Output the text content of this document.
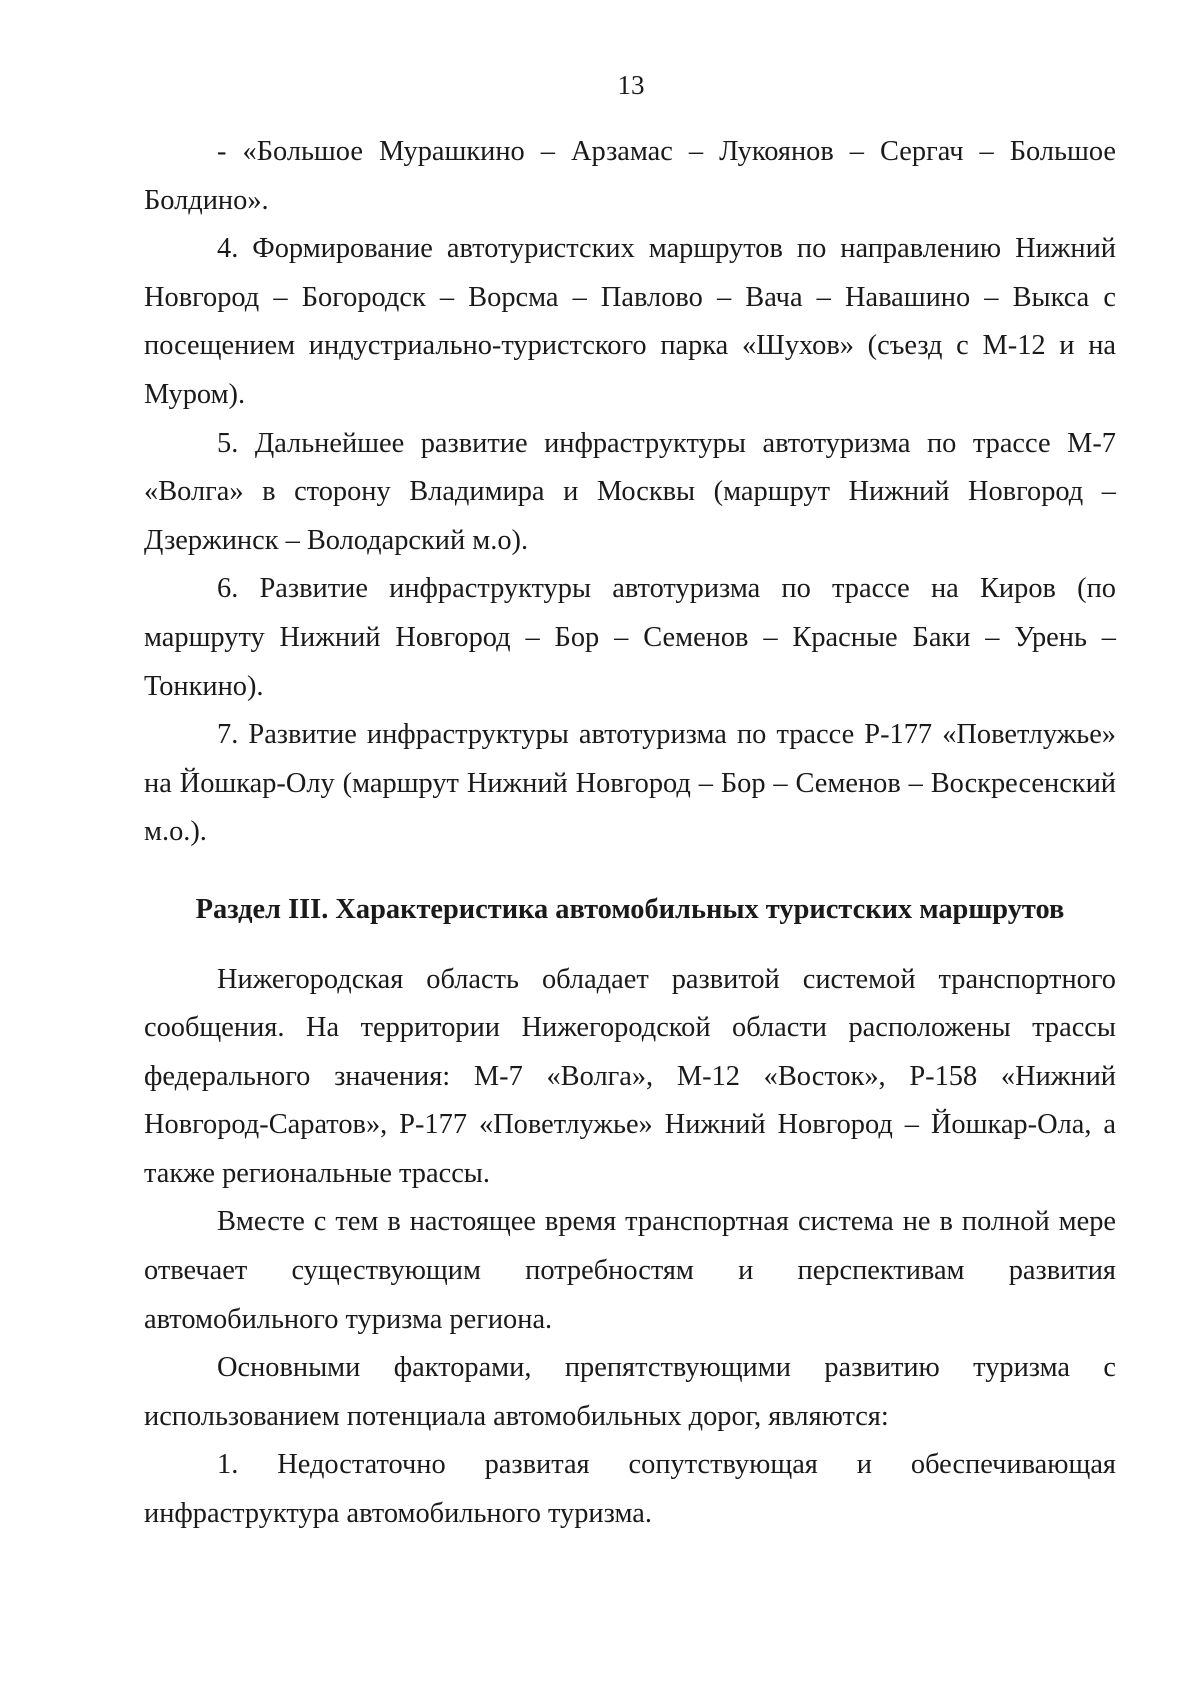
13

- «Большое Мурашкино – Арзамас – Лукоянов – Сергач – Большое Болдино».

4. Формирование автотуристских маршрутов по направлению Нижний Новгород – Богородск – Ворсма – Павлово – Вача – Навашино – Выкса с посещением индустриально-туристского парка «Шухов» (съезд с М-12 и на Муром).

5. Дальнейшее развитие инфраструктуры автотуризма по трассе М-7 «Волга» в сторону Владимира и Москвы (маршрут Нижний Новгород – Дзержинск – Володарский м.о).

6. Развитие инфраструктуры автотуризма по трассе на Киров (по маршруту Нижний Новгород – Бор – Семенов – Красные Баки – Урень – Тонкино).

7. Развитие инфраструктуры автотуризма по трассе Р-177 «Поветлужье» на Йошкар-Олу (маршрут Нижний Новгород – Бор – Семенов – Воскресенский м.о.).

Раздел III. Характеристика автомобильных туристских маршрутов

Нижегородская область обладает развитой системой транспортного сообщения. На территории Нижегородской области расположены трассы федерального значения: М-7 «Волга», М-12 «Восток», Р-158 «Нижний Новгород-Саратов», Р-177 «Поветлужье» Нижний Новгород – Йошкар-Ола, а также региональные трассы.

Вместе с тем в настоящее время транспортная система не в полной мере отвечает существующим потребностям и перспективам развития автомобильного туризма региона.

Основными факторами, препятствующими развитию туризма с использованием потенциала автомобильных дорог, являются:

1. Недостаточно развитая сопутствующая и обеспечивающая инфраструктура автомобильного туризма.
